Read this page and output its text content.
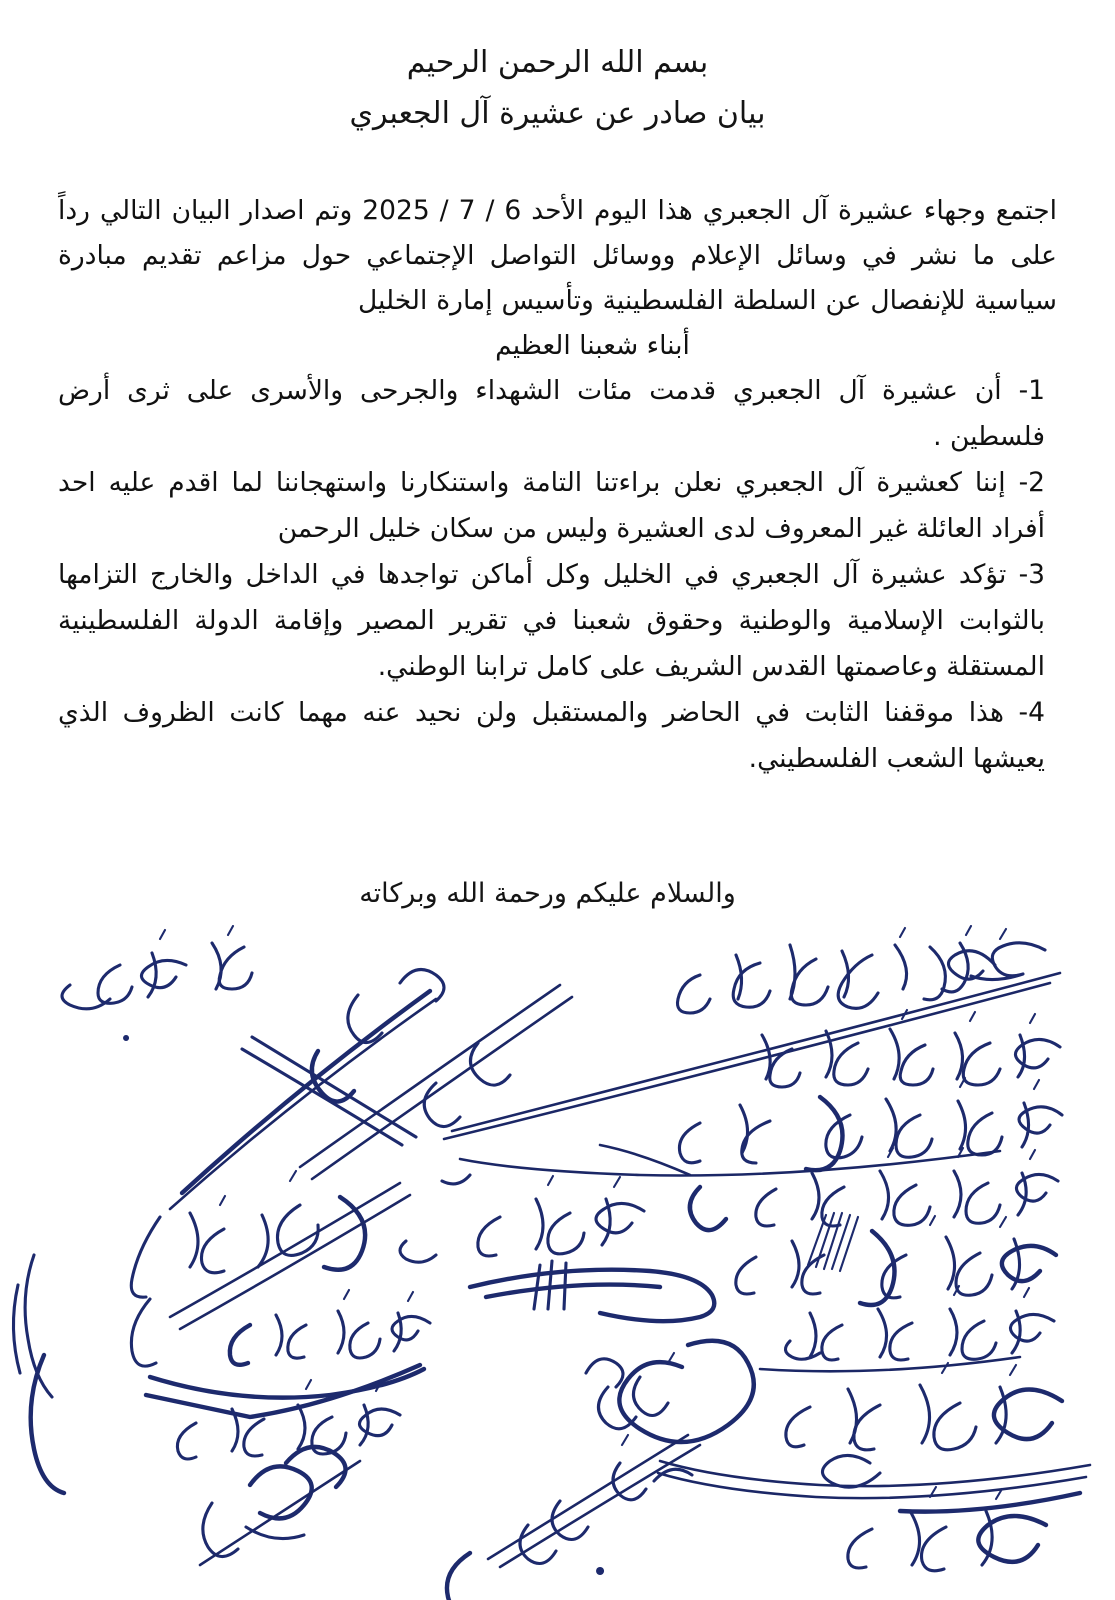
بسم الله الرحمن الرحيم
بيان صادر عن عشيرة آل الجعبري

اجتمع وجهاء عشيرة آل الجعبري هذا اليوم الأحد 6 / 7 / 2025 وتم اصدار البيان التالي رداً على ما نشر في وسائل الإعلام ووسائل التواصل الإجتماعي حول مزاعم تقديم مبادرة سياسية للإنفصال عن السلطة الفلسطينية وتأسيس إمارة الخليل

أبناء شعبنا العظيم

1- أن عشيرة آل الجعبري قدمت مئات الشهداء والجرحى والأسرى على ثرى أرض فلسطين .

2- إننا كعشيرة آل الجعبري نعلن براءتنا التامة واستنكارنا واستهجاننا لما اقدم عليه احد أفراد العائلة غير المعروف لدى العشيرة وليس من سكان خليل الرحمن

3- تؤكد عشيرة آل الجعبري في الخليل وكل أماكن تواجدها في الداخل والخارج التزامها بالثوابت الإسلامية والوطنية وحقوق شعبنا في تقرير المصير وإقامة الدولة الفلسطينية المستقلة وعاصمتها القدس الشريف على كامل ترابنا الوطني.

4- هذا موقفنا الثابت في الحاضر والمستقبل ولن نحيد عنه مهما كانت الظروف الذي يعيشها الشعب الفلسطيني.

والسلام عليكم ورحمة الله وبركاته
